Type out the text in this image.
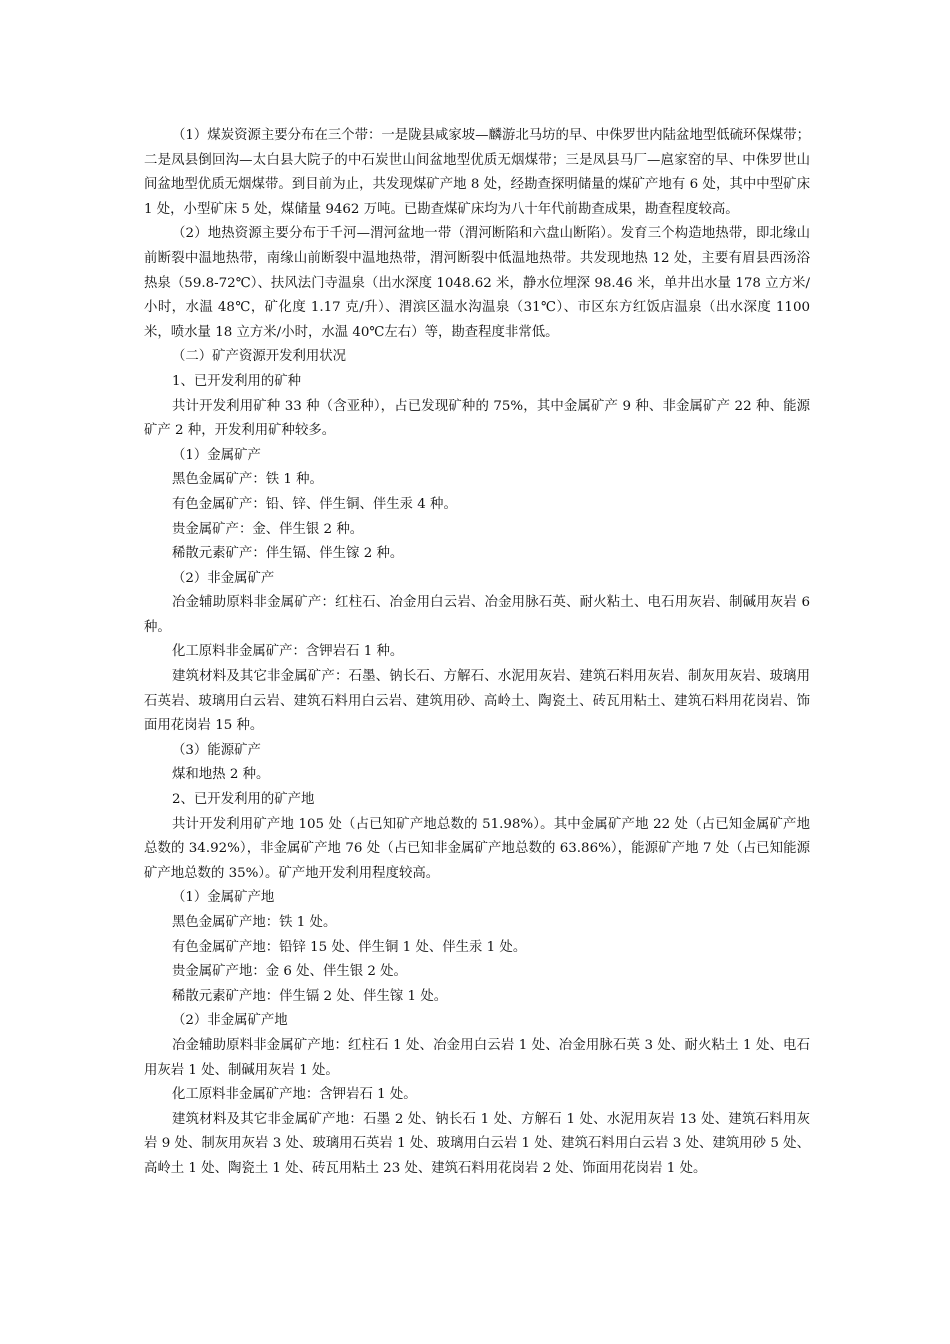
（1）煤炭资源主要分布在三个带：一是陇县咸家坡—麟游北马坊的早、中侏罗世内陆盆地型低硫环保煤带；二是凤县倒回沟—太白县大院子的中石炭世山间盆地型优质无烟煤带；三是凤县马厂—扈家窑的早、中侏罗世山间盆地型优质无烟煤带。到目前为止，共发现煤矿产地 8 处，经勘查探明储量的煤矿产地有 6 处，其中中型矿床 1 处，小型矿床 5 处，煤储量 9462 万吨。已勘查煤矿床均为八十年代前勘查成果，勘查程度较高。

（2）地热资源主要分布于千河—渭河盆地一带（渭河断陷和六盘山断陷）。发育三个构造地热带，即北缘山前断裂中温地热带，南缘山前断裂中温地热带，渭河断裂中低温地热带。共发现地热 12 处，主要有眉县西汤浴热泉（59.8-72℃）、扶风法门寺温泉（出水深度 1048.62 米，静水位埋深 98.46 米，单井出水量 178 立方米/小时，水温 48℃，矿化度 1.17 克/升）、渭滨区温水沟温泉（31℃）、市区东方红饭店温泉（出水深度 1100 米，喷水量 18 立方米/小时，水温 40℃左右）等，勘查程度非常低。

（二）矿产资源开发利用状况

1、已开发利用的矿种

共计开发利用矿种 33 种（含亚种），占已发现矿种的 75%，其中金属矿产 9 种、非金属矿产 22 种、能源矿产 2 种，开发利用矿种较多。

（1）金属矿产

黑色金属矿产：铁 1 种。

有色金属矿产：铅、锌、伴生铜、伴生汞 4 种。

贵金属矿产：金、伴生银 2 种。

稀散元素矿产：伴生镉、伴生镓 2 种。

（2）非金属矿产

冶金辅助原料非金属矿产：红柱石、冶金用白云岩、冶金用脉石英、耐火粘土、电石用灰岩、制碱用灰岩 6 种。

化工原料非金属矿产：含钾岩石 1 种。

建筑材料及其它非金属矿产：石墨、钠长石、方解石、水泥用灰岩、建筑石料用灰岩、制灰用灰岩、玻璃用石英岩、玻璃用白云岩、建筑石料用白云岩、建筑用砂、高岭土、陶瓷土、砖瓦用粘土、建筑石料用花岗岩、饰面用花岗岩 15 种。

（3）能源矿产

煤和地热 2 种。

2、已开发利用的矿产地

共计开发利用矿产地 105 处（占已知矿产地总数的 51.98%）。其中金属矿产地 22 处（占已知金属矿产地总数的 34.92%），非金属矿产地 76 处（占已知非金属矿产地总数的 63.86%），能源矿产地 7 处（占已知能源矿产地总数的 35%）。矿产地开发利用程度较高。

（1）金属矿产地

黑色金属矿产地：铁 1 处。

有色金属矿产地：铅锌 15 处、伴生铜 1 处、伴生汞 1 处。

贵金属矿产地：金 6 处、伴生银 2 处。

稀散元素矿产地：伴生镉 2 处、伴生镓 1 处。

（2）非金属矿产地

冶金辅助原料非金属矿产地：红柱石 1 处、冶金用白云岩 1 处、冶金用脉石英 3 处、耐火粘土 1 处、电石用灰岩 1 处、制碱用灰岩 1 处。

化工原料非金属矿产地：含钾岩石 1 处。

建筑材料及其它非金属矿产地：石墨 2 处、钠长石 1 处、方解石 1 处、水泥用灰岩 13 处、建筑石料用灰岩 9 处、制灰用灰岩 3 处、玻璃用石英岩 1 处、玻璃用白云岩 1 处、建筑石料用白云岩 3 处、建筑用砂 5 处、高岭土 1 处、陶瓷土 1 处、砖瓦用粘土 23 处、建筑石料用花岗岩 2 处、饰面用花岗岩 1 处。
